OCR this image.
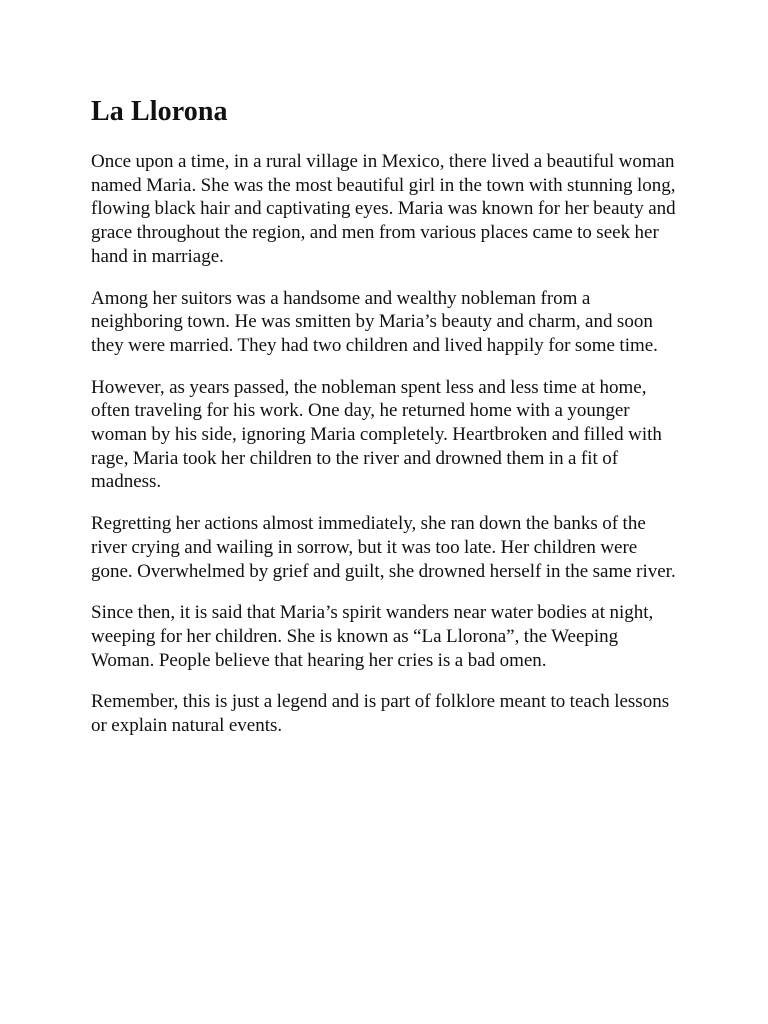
La Llorona

Once upon a time, in a rural village in Mexico, there lived a beautiful woman named Maria. She was the most beautiful girl in the town with stunning long, flowing black hair and captivating eyes. Maria was known for her beauty and grace throughout the region, and men from various places came to seek her hand in marriage.

Among her suitors was a handsome and wealthy nobleman from a neighboring town. He was smitten by Maria’s beauty and charm, and soon they were married. They had two children and lived happily for some time.

However, as years passed, the nobleman spent less and less time at home, often traveling for his work. One day, he returned home with a younger woman by his side, ignoring Maria completely. Heartbroken and filled with rage, Maria took her children to the river and drowned them in a fit of madness.

Regretting her actions almost immediately, she ran down the banks of the river crying and wailing in sorrow, but it was too late. Her children were gone. Overwhelmed by grief and guilt, she drowned herself in the same river.

Since then, it is said that Maria’s spirit wanders near water bodies at night, weeping for her children. She is known as “La Llorona”, the Weeping Woman. People believe that hearing her cries is a bad omen.

Remember, this is just a legend and is part of folklore meant to teach lessons or explain natural events.
